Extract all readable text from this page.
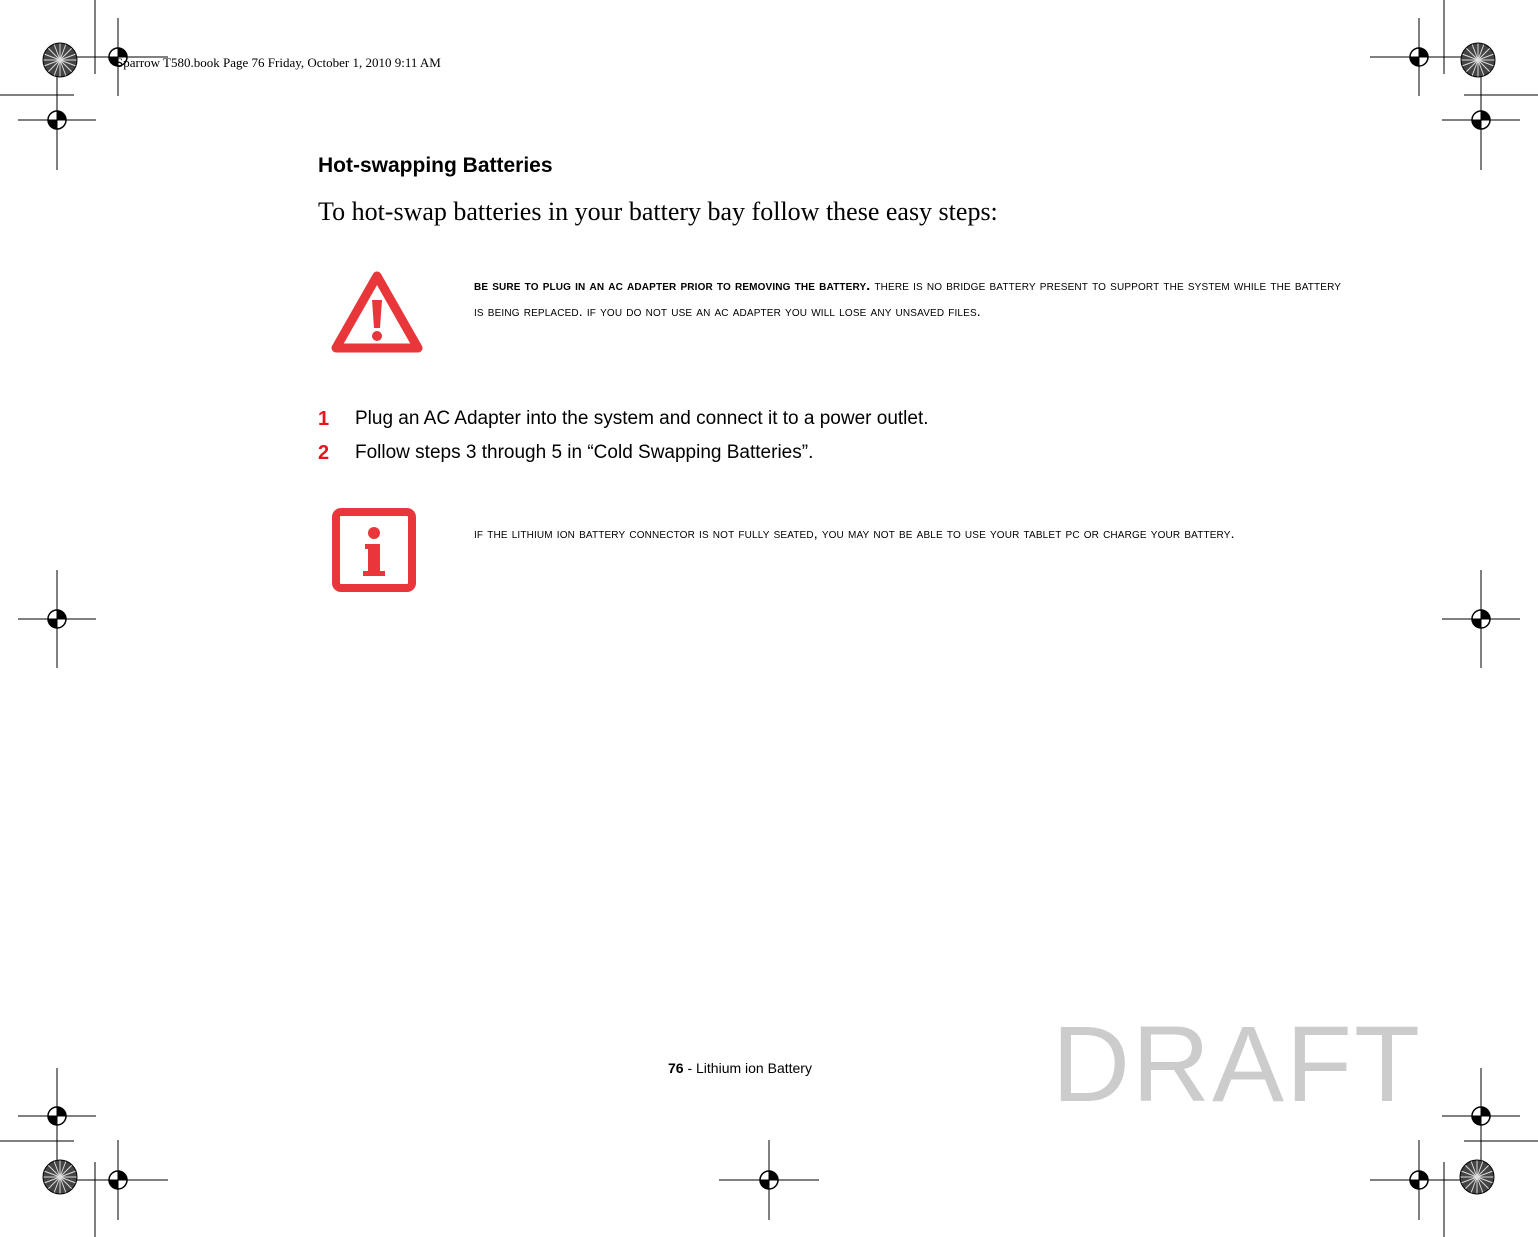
Sparrow T580.book Page 76 Friday, October 1, 2010 9:11 AM
Hot-swapping Batteries

To hot-swap batteries in your battery bay follow these easy steps:

be sure to plug in an ac adapter prior to removing the battery. there is no bridge battery present to support the system while the battery is being replaced. if you do not use an ac adapter you will lose any unsaved files.
1	Plug an AC Adapter into the system and connect it to a power outlet.
2	Follow steps 3 through 5 in “Cold Swapping Batteries”.
if the lithium ion battery connector is not fully seated, you may not be able to use your tablet pc or charge your battery.
76 - Lithium ion Battery DRAFT
